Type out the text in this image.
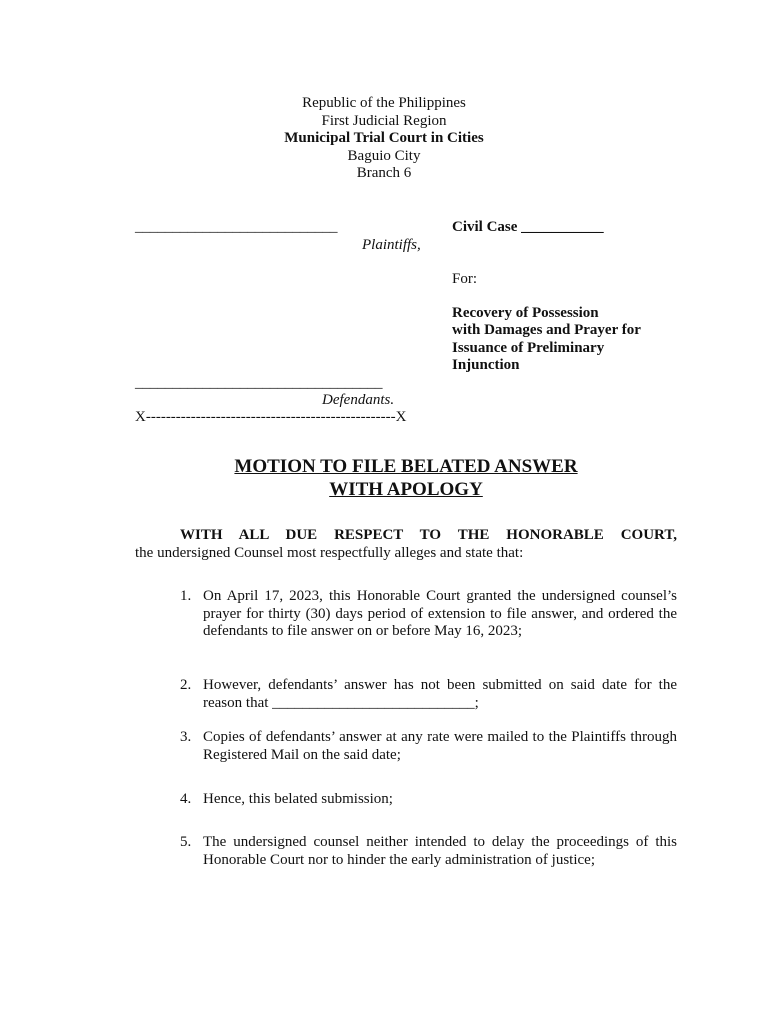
Republic of the Philippines
First Judicial Region
Municipal Trial Court in Cities
Baguio City
Branch 6
___________________________
Plaintiffs,
Civil Case ___________
For:
Recovery of Possession
with Damages and Prayer for
Issuance of Preliminary
Injunction
_________________________________
Defendants.
X--------------------------------------------------X
MOTION TO FILE BELATED ANSWER
WITH APOLOGY
WITH ALL DUE RESPECT TO THE HONORABLE COURT,
the undersigned Counsel most respectfully alleges and state that:
1. On April 17, 2023, this Honorable Court granted the undersigned counsel’s prayer for thirty (30) days period of extension to file answer, and ordered the defendants to file answer on or before May 16, 2023;
2. However, defendants’ answer has not been submitted on said date for the reason that ___________________________;
3. Copies of defendants’ answer at any rate were mailed to the Plaintiffs through Registered Mail on the said date;
4. Hence, this belated submission;
5. The undersigned counsel neither intended to delay the proceedings of this Honorable Court nor to hinder the early administration of justice;
